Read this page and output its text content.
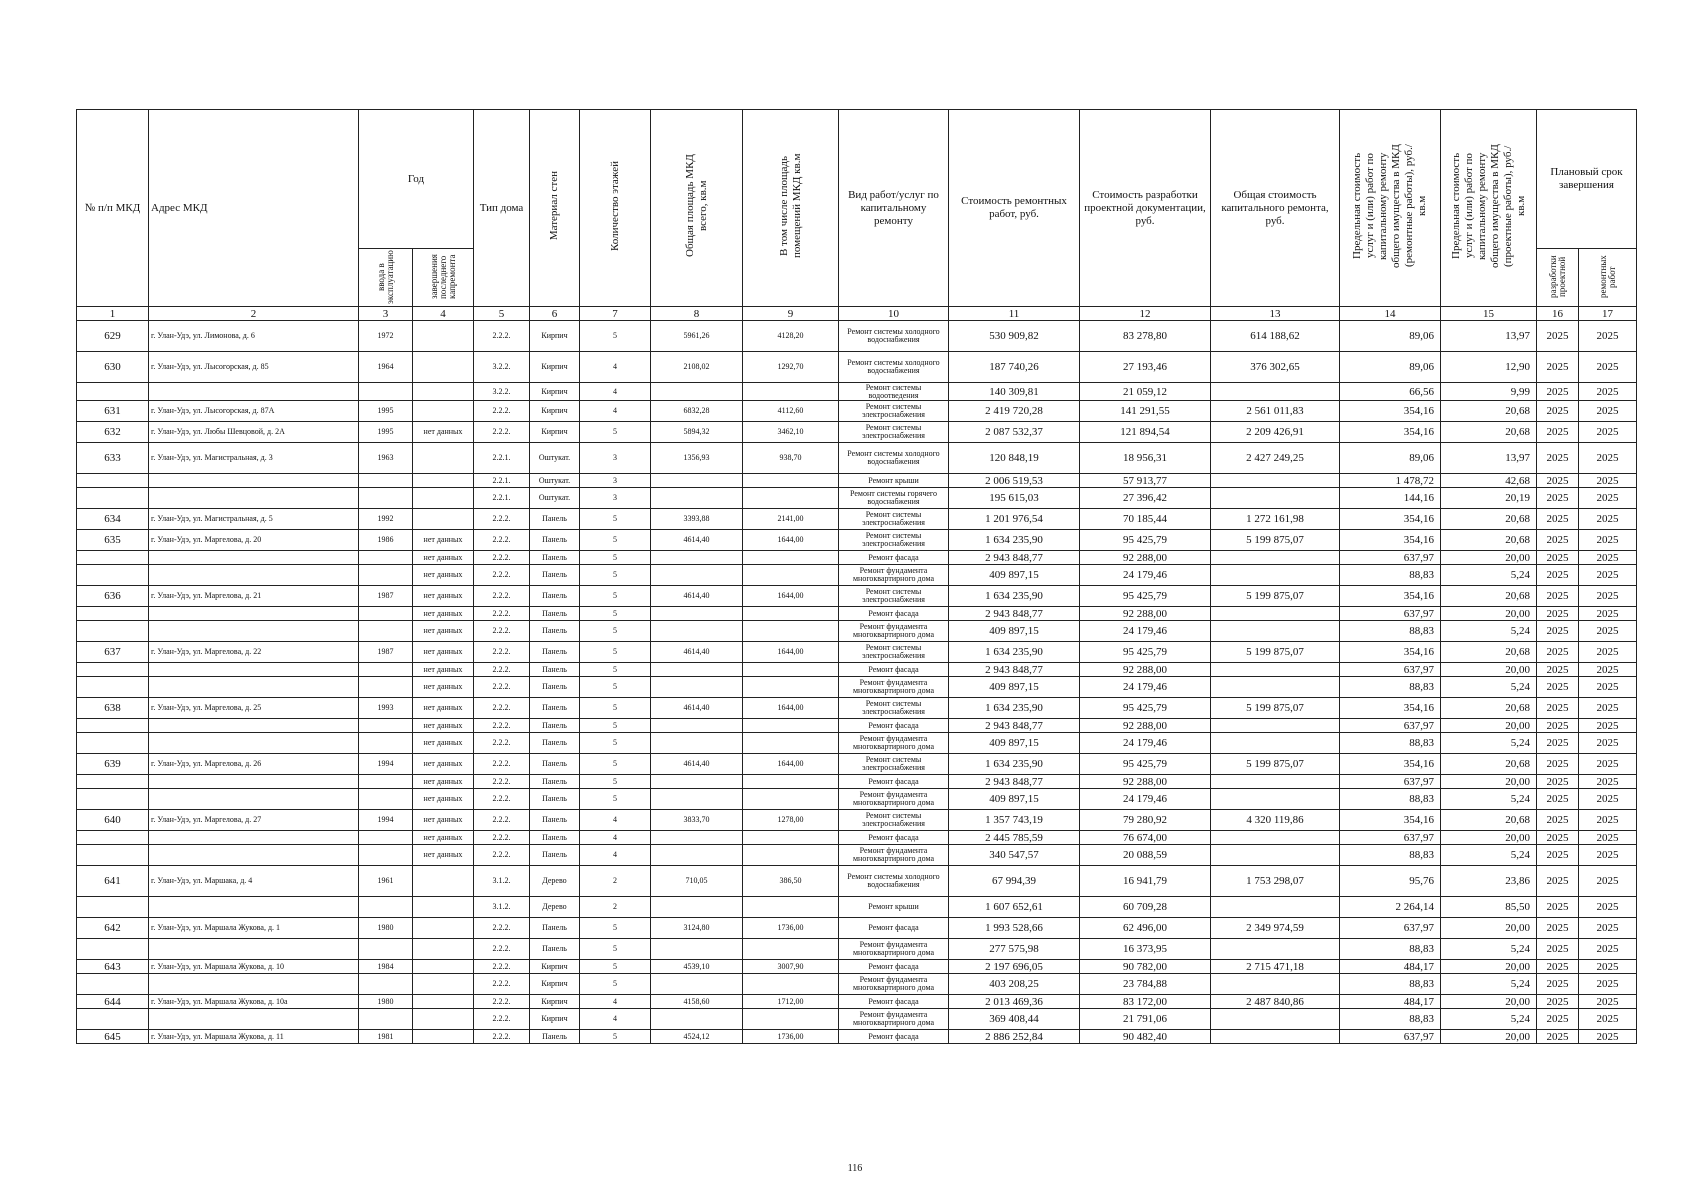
№ п/п МКД	Адрес МКД	Год		Тип дома	Материал стен	Количество этажей	Общая площадь МКД всего, кв.м	В том числе площадь помещений МКД кв.м	Вид работ/услуг по капитальному ремонту	Стоимость ремонтных работ, руб.	Стоимость разработки проектной документации, руб.	Общая стоимость капитального ремонта, руб.	Предельная стоимость услуг и (или) работ по капитальному ремонту общего имущества в МКД (ремонтные работы), руб./кв.м	Предельная стоимость услуг и (или) работ по капитальному ремонту общего имущества в МКД (проектные работы), руб./кв.м	Плановый срок завершения	
		ввода в эксплуатацию	завершения последнего капремонта												разработки проектной	ремонтных работ
1	2	3	4	5	6	7	8	9	10	11	12	13	14	15	16	17
629	г. Улан-Удэ, ул. Лимонова, д. 6	1972		2.2.2.	Кирпич	5	5961,26	4128,20	Ремонт системы холодного водоснабжения	530 909,82	83 278,80	614 188,62	89,06	13,97	2025	2025
630	г. Улан-Удэ, ул. Лысогорская, д. 85	1964		3.2.2.	Кирпич	4	2108,02	1292,70	Ремонт системы холодного водоснабжения	187 740,26	27 193,46	376 302,65	89,06	12,90	2025	2025
				3.2.2.	Кирпич	4			Ремонт системы водоотведения	140 309,81	21 059,12		66,56	9,99	2025	2025
631	г. Улан-Удэ, ул. Лысогорская, д. 87А	1995		2.2.2.	Кирпич	4	6832,28	4112,60	Ремонт системы электроснабжения	2 419 720,28	141 291,55	2 561 011,83	354,16	20,68	2025	2025
632	г. Улан-Удэ, ул. Любы Шевцовой, д. 2А	1995	нет данных	2.2.2.	Кирпич	5	5894,32	3462,10	Ремонт системы электроснабжения	2 087 532,37	121 894,54	2 209 426,91	354,16	20,68	2025	2025
633	г. Улан-Удэ, ул. Магистральная, д. 3	1963		2.2.1.	Оштукат.	3	1356,93	938,70	Ремонт системы холодного водоснабжения	120 848,19	18 956,31	2 427 249,25	89,06	13,97	2025	2025
				2.2.1.	Оштукат.	3			Ремонт крыши	2 006 519,53	57 913,77		1 478,72	42,68	2025	2025
				2.2.1.	Оштукат.	3			Ремонт системы горячего водоснабжения	195 615,03	27 396,42		144,16	20,19	2025	2025
634	г. Улан-Удэ, ул. Магистральная, д. 5	1992		2.2.2.	Панель	5	3393,88	2141,00	Ремонт системы электроснабжения	1 201 976,54	70 185,44	1 272 161,98	354,16	20,68	2025	2025
635	г. Улан-Удэ, ул. Маргелова, д. 20	1986	нет данных	2.2.2.	Панель	5	4614,40	1644,00	Ремонт системы электроснабжения	1 634 235,90	95 425,79	5 199 875,07	354,16	20,68	2025	2025
			нет данных	2.2.2.	Панель	5			Ремонт фасада	2 943 848,77	92 288,00		637,97	20,00	2025	2025
			нет данных	2.2.2.	Панель	5			Ремонт фундамента многоквартирного дома	409 897,15	24 179,46		88,83	5,24	2025	2025
636	г. Улан-Удэ, ул. Маргелова, д. 21	1987	нет данных	2.2.2.	Панель	5	4614,40	1644,00	Ремонт системы электроснабжения	1 634 235,90	95 425,79	5 199 875,07	354,16	20,68	2025	2025
			нет данных	2.2.2.	Панель	5			Ремонт фасада	2 943 848,77	92 288,00		637,97	20,00	2025	2025
			нет данных	2.2.2.	Панель	5			Ремонт фундамента многоквартирного дома	409 897,15	24 179,46		88,83	5,24	2025	2025
637	г. Улан-Удэ, ул. Маргелова, д. 22	1987	нет данных	2.2.2.	Панель	5	4614,40	1644,00	Ремонт системы электроснабжения	1 634 235,90	95 425,79	5 199 875,07	354,16	20,68	2025	2025
			нет данных	2.2.2.	Панель	5			Ремонт фасада	2 943 848,77	92 288,00		637,97	20,00	2025	2025
			нет данных	2.2.2.	Панель	5			Ремонт фундамента многоквартирного дома	409 897,15	24 179,46		88,83	5,24	2025	2025
638	г. Улан-Удэ, ул. Маргелова, д. 25	1993	нет данных	2.2.2.	Панель	5	4614,40	1644,00	Ремонт системы электроснабжения	1 634 235,90	95 425,79	5 199 875,07	354,16	20,68	2025	2025
			нет данных	2.2.2.	Панель	5			Ремонт фасада	2 943 848,77	92 288,00		637,97	20,00	2025	2025
			нет данных	2.2.2.	Панель	5			Ремонт фундамента многоквартирного дома	409 897,15	24 179,46		88,83	5,24	2025	2025
639	г. Улан-Удэ, ул. Маргелова, д. 26	1994	нет данных	2.2.2.	Панель	5	4614,40	1644,00	Ремонт системы электроснабжения	1 634 235,90	95 425,79	5 199 875,07	354,16	20,68	2025	2025
			нет данных	2.2.2.	Панель	5			Ремонт фасада	2 943 848,77	92 288,00		637,97	20,00	2025	2025
			нет данных	2.2.2.	Панель	5			Ремонт фундамента многоквартирного дома	409 897,15	24 179,46		88,83	5,24	2025	2025
640	г. Улан-Удэ, ул. Маргелова, д. 27	1994	нет данных	2.2.2.	Панель	4	3833,70	1278,00	Ремонт системы электроснабжения	1 357 743,19	79 280,92	4 320 119,86	354,16	20,68	2025	2025
			нет данных	2.2.2.	Панель	4			Ремонт фасада	2 445 785,59	76 674,00		637,97	20,00	2025	2025
			нет данных	2.2.2.	Панель	4			Ремонт фундамента многоквартирного дома	340 547,57	20 088,59		88,83	5,24	2025	2025
641	г. Улан-Удэ, ул. Маршака, д. 4	1961		3.1.2.	Дерево	2	710,05	386,50	Ремонт системы холодного водоснабжения	67 994,39	16 941,79	1 753 298,07	95,76	23,86	2025	2025
				3.1.2.	Дерево	2			Ремонт крыши	1 607 652,61	60 709,28		2 264,14	85,50	2025	2025
642	г. Улан-Удэ, ул. Маршала Жукова, д. 1	1980		2.2.2.	Панель	5	3124,80	1736,00	Ремонт фасада	1 993 528,66	62 496,00	2 349 974,59	637,97	20,00	2025	2025
				2.2.2.	Панель	5			Ремонт фундамента многоквартирного дома	277 575,98	16 373,95		88,83	5,24	2025	2025
643	г. Улан-Удэ, ул. Маршала Жукова, д. 10	1984		2.2.2.	Кирпич	5	4539,10	3007,90	Ремонт фасада	2 197 696,05	90 782,00	2 715 471,18	484,17	20,00	2025	2025
				2.2.2.	Кирпич	5			Ремонт фундамента многоквартирного дома	403 208,25	23 784,88		88,83	5,24	2025	2025
644	г. Улан-Удэ, ул. Маршала Жукова, д. 10а	1980		2.2.2.	Кирпич	4	4158,60	1712,00	Ремонт фасада	2 013 469,36	83 172,00	2 487 840,86	484,17	20,00	2025	2025
				2.2.2.	Кирпич	4			Ремонт фундамента многоквартирного дома	369 408,44	21 791,06		88,83	5,24	2025	2025
645	г. Улан-Удэ, ул. Маршала Жукова, д. 11	1981		2.2.2.	Панель	5	4524,12	1736,00	Ремонт фасада	2 886 252,84	90 482,40		637,97	20,00	2025	2025
116
